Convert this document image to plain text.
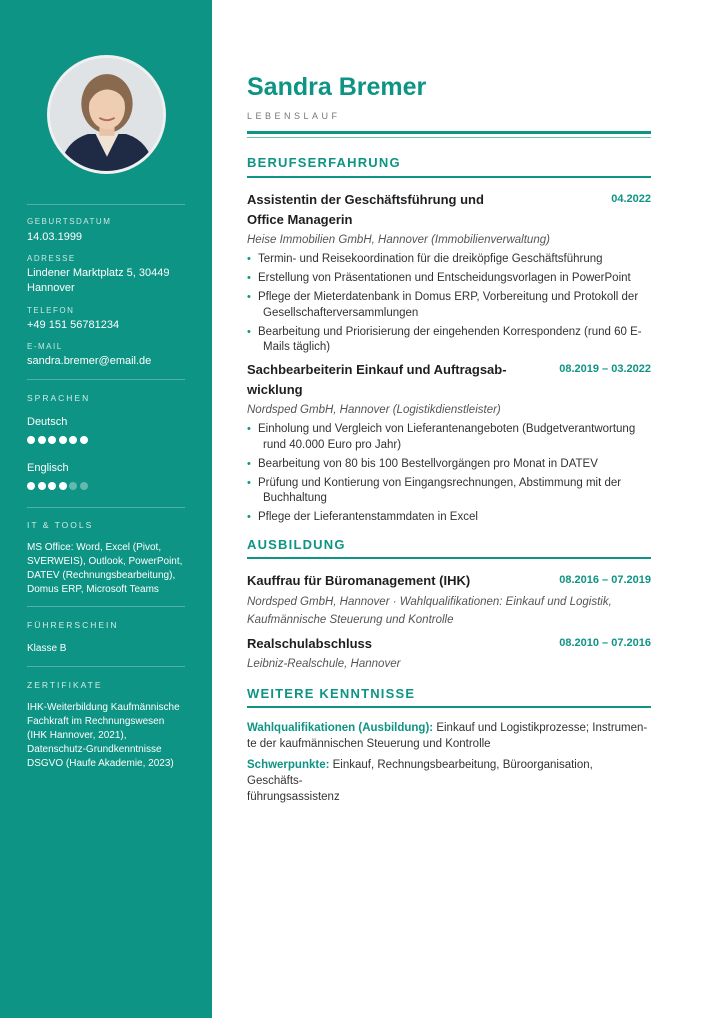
GEBURTSDATUM
14.03.1999
ADRESSE
Lindener Marktplatz 5, 30449 Hannover
TELEFON
+49 151 56781234
E-MAIL
sandra.bremer@email.de
SPRACHEN
Deutsch
Englisch
IT & TOOLS
MS Office: Word, Excel (Pivot, SVERWEIS), Outlook, PowerPoint, DATEV (Rechnungsbearbeitung), Domus ERP, Microsoft Teams
FÜHRERSCHEIN
Klasse B
ZERTIFIKATE
IHK-Weiterbildung Kaufmännische Fachkraft im Rechnungswesen (IHK Hannover, 2021), Datenschutz-Grundkenntnisse DSGVO (Haufe Akademie, 2023)
Sandra Bremer
LEBENSLAUF
BERUFSERFAHRUNG
Assistentin der Geschäftsführung und
Office Managerin
04.2022
Heise Immobilien GmbH, Hannover (Immobilienverwaltung)
• Termin- und Reisekoordination für die dreiköpfige Geschäftsführung
• Erstellung von Präsentationen und Entscheidungsvorlagen in PowerPoint
• Pflege der Mieterdatenbank in Domus ERP, Vorbereitung und Protokoll der
Gesellschafterversammlungen
• Bearbeitung und Priorisierung der eingehenden Korrespondenz (rund 60 E-
Mails täglich)
Sachbearbeiterin Einkauf und Auftragsab-
wicklung
08.2019 – 03.2022
Nordsped GmbH, Hannover (Logistikdienstleister)
• Einholung und Vergleich von Lieferantenangeboten (Budgetverantwortung
rund 40.000 Euro pro Jahr)
• Bearbeitung von 80 bis 100 Bestellvorgängen pro Monat in DATEV
• Prüfung und Kontierung von Eingangsrechnungen, Abstimmung mit der
Buchhaltung
• Pflege der Lieferantenstammdaten in Excel
AUSBILDUNG
Kauffrau für Büromanagement (IHK)	08.2016 – 07.2019
Nordsped GmbH, Hannover · Wahlqualifikationen: Einkauf und Logistik,
Kaufmännische Steuerung und Kontrolle
Realschulabschluss	08.2010 – 07.2016
Leibniz-Realschule, Hannover
WEITERE KENNTNISSE
Wahlqualifikationen (Ausbildung): Einkauf und Logistikprozesse; Instrumen-
te der kaufmännischen Steuerung und Kontrolle
Schwerpunkte: Einkauf, Rechnungsbearbeitung, Büroorganisation, Geschäfts-
führungsassistenz
